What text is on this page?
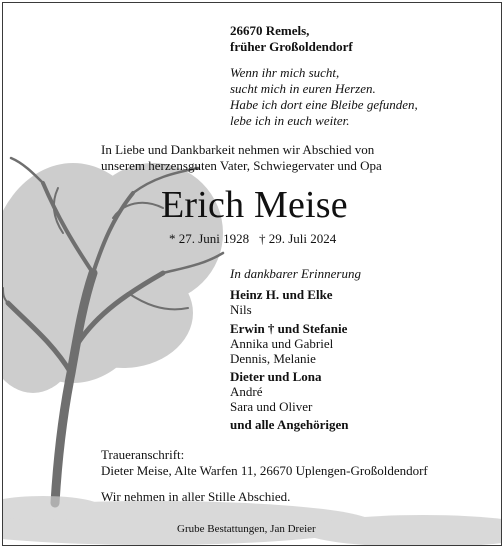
26670 Remels,
früher Großoldendorf
Wenn ihr mich sucht,
sucht mich in euren Herzen.
Habe ich dort eine Bleibe gefunden,
lebe ich in euch weiter.
In Liebe und Dankbarkeit nehmen wir Abschied von
unserem herzensguten Vater, Schwiegervater und Opa
Erich Meise
* 27. Juni 1928 † 29. Juli 2024
In dankbarer Erinnerung
Heinz H. und Elke
Nils
Erwin † und Stefanie
Annika und Gabriel
Dennis, Melanie
Dieter und Lona
André
Sara und Oliver
und alle Angehörigen
Traueranschrift:
Dieter Meise, Alte Warfen 11, 26670 Uplengen-Großoldendorf
Wir nehmen in aller Stille Abschied.
Grube Bestattungen, Jan Dreier
